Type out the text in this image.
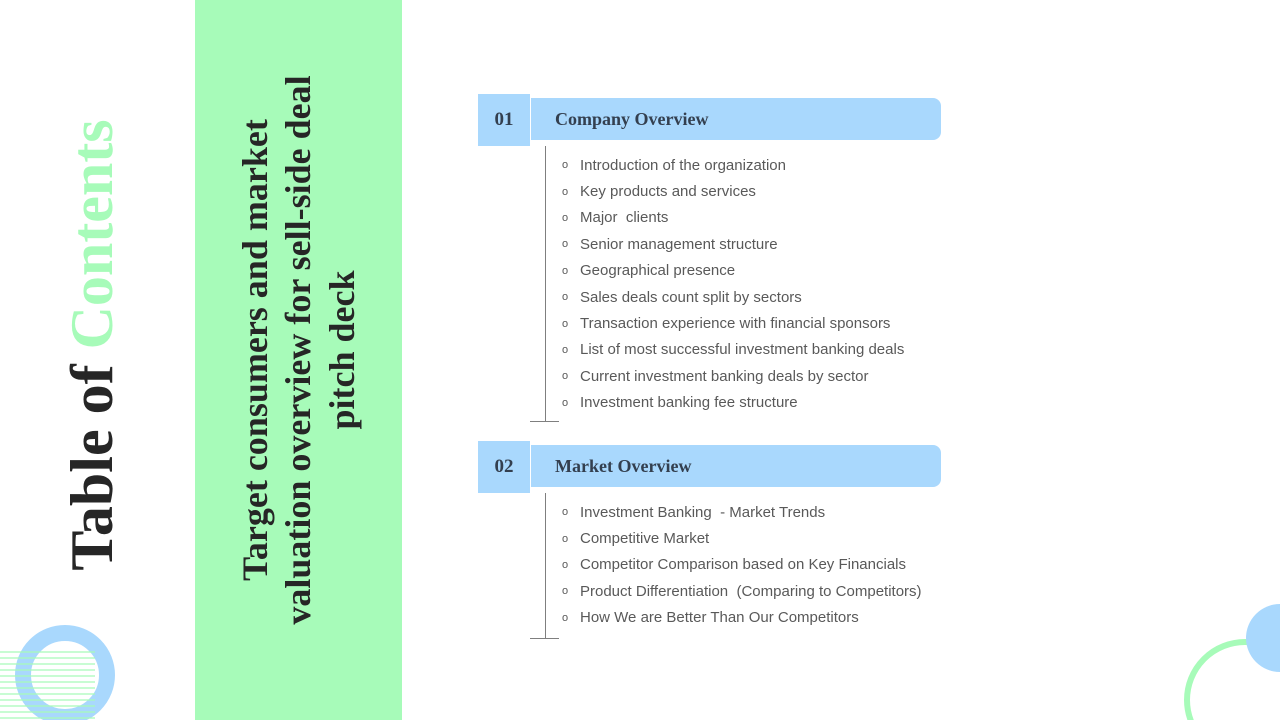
Table of

Contents	Target consumers and market valuation overview for sell-side deal pitch deck
01	Company Overview
o Introduction of the organization
o Key products and services
o Major  clients
o Senior management structure
o Geographical presence
o Sales deals count split by sectors
o Transaction experience with financial sponsors
o List of most successful investment banking deals
o Current investment banking deals by sector
o Investment banking fee structure
02	Market Overview
o Investment Banking  - Market Trends
o Competitive Market
o Competitor Comparison based on Key Financials
o Product Differentiation  (Comparing to Competitors)
o How We are Better Than Our Competitors
